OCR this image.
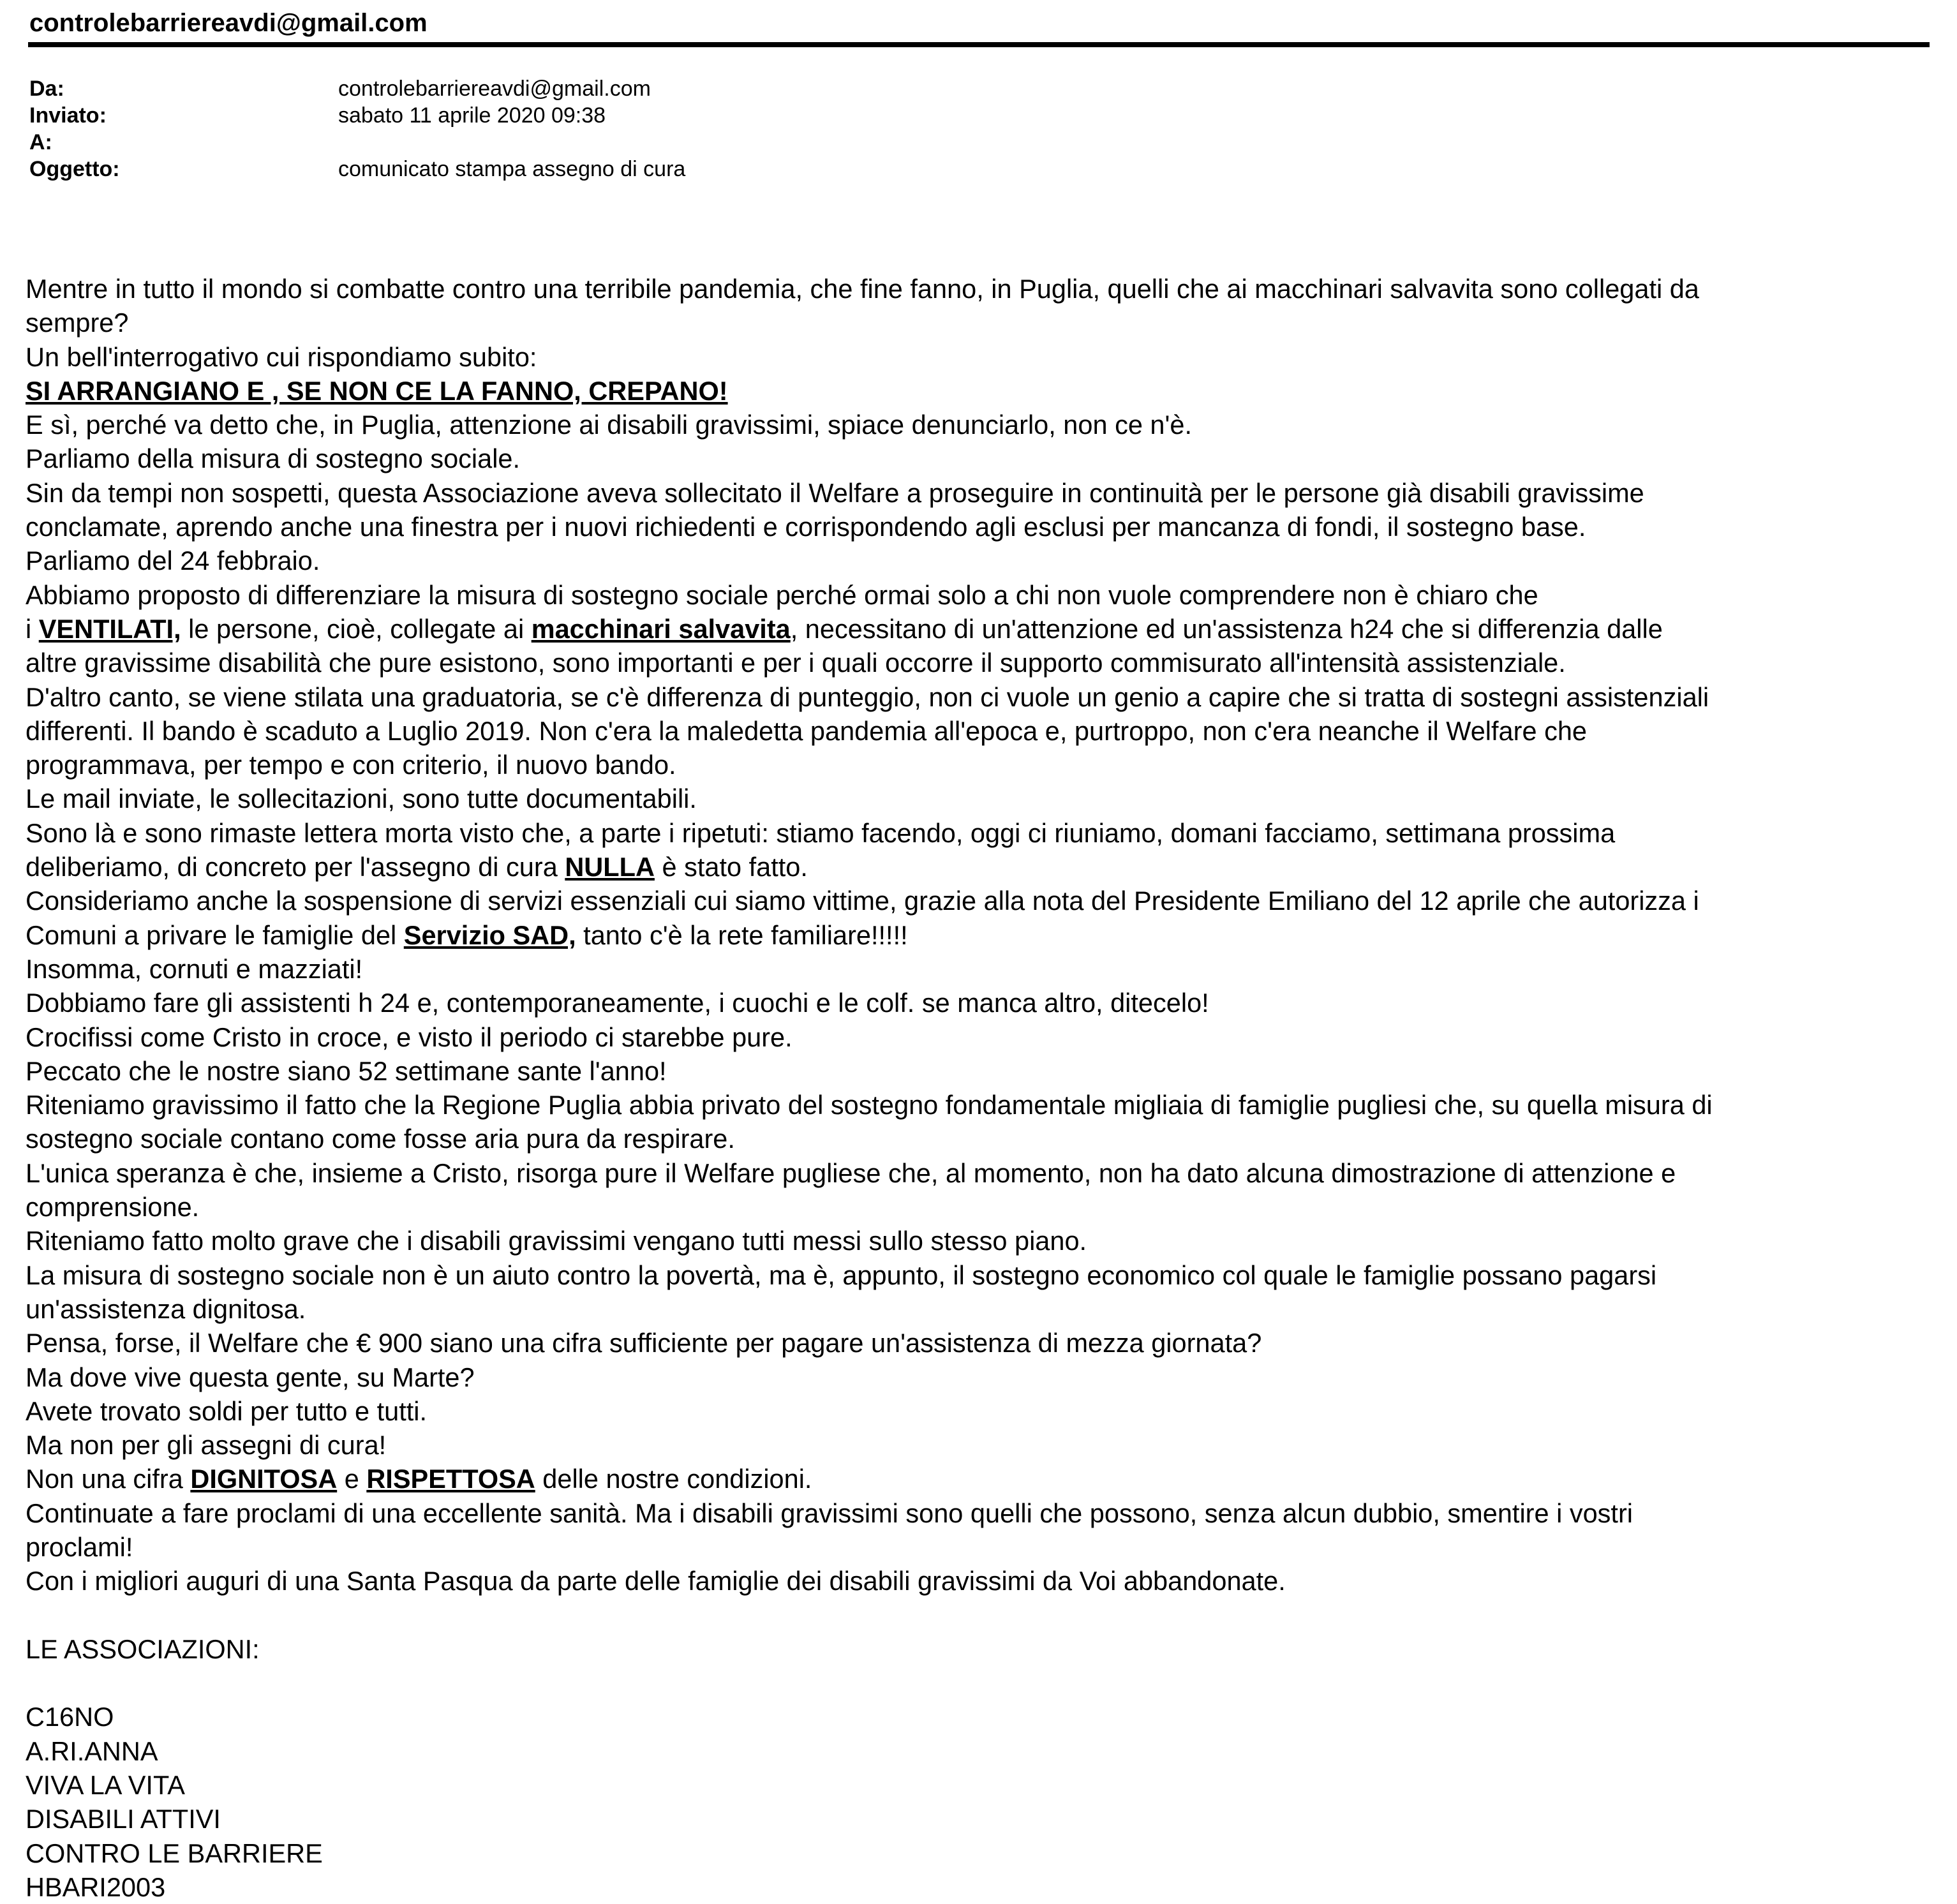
controlebarriereavdi@gmail.com
Da:	controlebarriereavdi@gmail.com
Inviato:	sabato 11 aprile 2020 09:38
A:
Oggetto:	comunicato stampa assegno di cura

Mentre in tutto il mondo si combatte contro una terribile pandemia, che fine fanno, in Puglia, quelli che ai macchinari salvavita sono collegati da

sempre?

Un bell'interrogativo cui rispondiamo subito:

SI ARRANGIANO E , SE NON CE LA FANNO, CREPANO!

E sì, perché va detto che, in Puglia, attenzione ai disabili gravissimi, spiace denunciarlo, non ce n'è.

Parliamo della misura di sostegno sociale.

Sin da tempi non sospetti, questa Associazione aveva sollecitato il Welfare a proseguire in continuità per le persone già disabili gravissime

conclamate, aprendo anche una finestra per i nuovi richiedenti e corrispondendo agli esclusi per mancanza di fondi, il sostegno base.

Parliamo del 24 febbraio.

Abbiamo proposto di differenziare la misura di sostegno sociale perché ormai solo a chi non vuole comprendere non è chiaro che

i VENTILATI, le persone, cioè, collegate ai macchinari salvavita, necessitano di un'attenzione ed un'assistenza h24 che si differenzia dalle

altre gravissime disabilità che pure esistono, sono importanti e per i quali occorre il supporto commisurato all'intensità assistenziale.

D'altro canto, se viene stilata una graduatoria, se c'è differenza di punteggio, non ci vuole un genio a capire che si tratta di sostegni assistenziali

differenti. Il bando è scaduto a Luglio 2019. Non c'era la maledetta pandemia all'epoca e, purtroppo, non c'era neanche il Welfare che

programmava, per tempo e con criterio, il nuovo bando.

Le mail inviate, le sollecitazioni, sono tutte documentabili.

Sono là e sono rimaste lettera morta visto che, a parte i ripetuti: stiamo facendo, oggi ci riuniamo, domani facciamo, settimana prossima

deliberiamo, di concreto per l'assegno di cura NULLA è stato fatto.

Consideriamo anche la sospensione di servizi essenziali cui siamo vittime, grazie alla nota del Presidente Emiliano del 12 aprile che autorizza i

Comuni a privare le famiglie del Servizio SAD, tanto c'è la rete familiare!!!!!

Insomma, cornuti e mazziati!

Dobbiamo fare gli assistenti h 24 e, contemporaneamente, i cuochi e le colf. se manca altro, ditecelo!

Crocifissi come Cristo in croce, e visto il periodo ci starebbe pure.

Peccato che le nostre siano 52 settimane sante l'anno!

Riteniamo gravissimo il fatto che la Regione Puglia abbia privato del sostegno fondamentale migliaia di famiglie pugliesi che, su quella misura di

sostegno sociale contano come fosse aria pura da respirare.

L'unica speranza è che, insieme a Cristo, risorga pure il Welfare pugliese che, al momento, non ha dato alcuna dimostrazione di attenzione e

comprensione.

Riteniamo fatto molto grave che i disabili gravissimi vengano tutti messi sullo stesso piano.

La misura di sostegno sociale non è un aiuto contro la povertà, ma è, appunto, il sostegno economico col quale le famiglie possano pagarsi

un'assistenza dignitosa.

Pensa, forse, il Welfare che € 900 siano una cifra sufficiente per pagare un'assistenza di mezza giornata?

Ma dove vive questa gente, su Marte?

Avete trovato soldi per tutto e tutti.

Ma non per gli assegni di cura!

Non una cifra DIGNITOSA e RISPETTOSA delle nostre condizioni.

Continuate a fare proclami di una eccellente sanità. Ma i disabili gravissimi sono quelli che possono, senza alcun dubbio, smentire i vostri

proclami!

Con i migliori auguri di una Santa Pasqua da parte delle famiglie dei disabili gravissimi da Voi abbandonate.

LE ASSOCIAZIONI:

C16NO

A.RI.ANNA

VIVA LA VITA

DISABILI ATTIVI

CONTRO LE BARRIERE

HBARI2003
